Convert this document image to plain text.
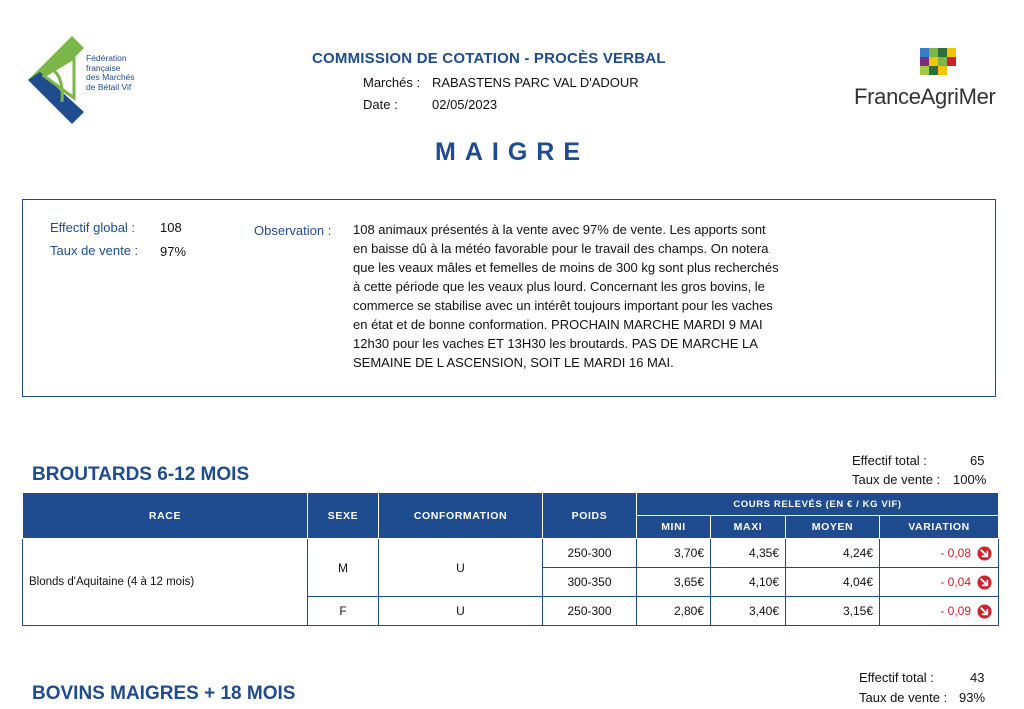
Fédération
française
des Marchés
de Bétail Vif
COMMISSION DE COTATION - PROCÈS VERBAL
Marchés : RABASTENS PARC VAL D'ADOUR
Date :	02/05/2023	FranceAgriMer
MAIGRE
Effectif global : 108
Taux de vente : 97%
Observation : 108 animaux présentés à la vente avec 97% de vente. Les apports sont en baisse dû à la météo favorable pour le travail des champs. On notera que les veaux mâles et femelles de moins de 300 kg sont plus recherchés à cette période que les veaux plus lourd. Concernant les gros bovins, le commerce se stabilise avec un intérêt toujours important pour les vaches en état et de bonne conformation. PROCHAIN MARCHE MARDI 9 MAI 12h30 pour les vaches ET 13H30 les broutards. PAS DE MARCHE LA SEMAINE DE L ASCENSION, SOIT LE MARDI 16 MAI.
BROUTARDS 6-12 MOIS
Effectif total :	65
Taux de vente : 100%
RACE	SEXE	CONFORMATION	POIDS	COURS RELEVÉS (EN € / KG VIF)			
				MINI	MAXI	MOYEN	VARIATION
Blonds d'Aquitaine (4 à 12 mois)	M	U	250-300	3,70€	4,35€	4,24€	- 0,08

			300-350	3,65€	4,10€	4,04€	- 0,04

	F	U	250-300	2,80€	3,40€	3,15€	- 0,09
BOVINS MAIGRES + 18 MOIS
Effectif total :	43
Taux de vente : 93%
